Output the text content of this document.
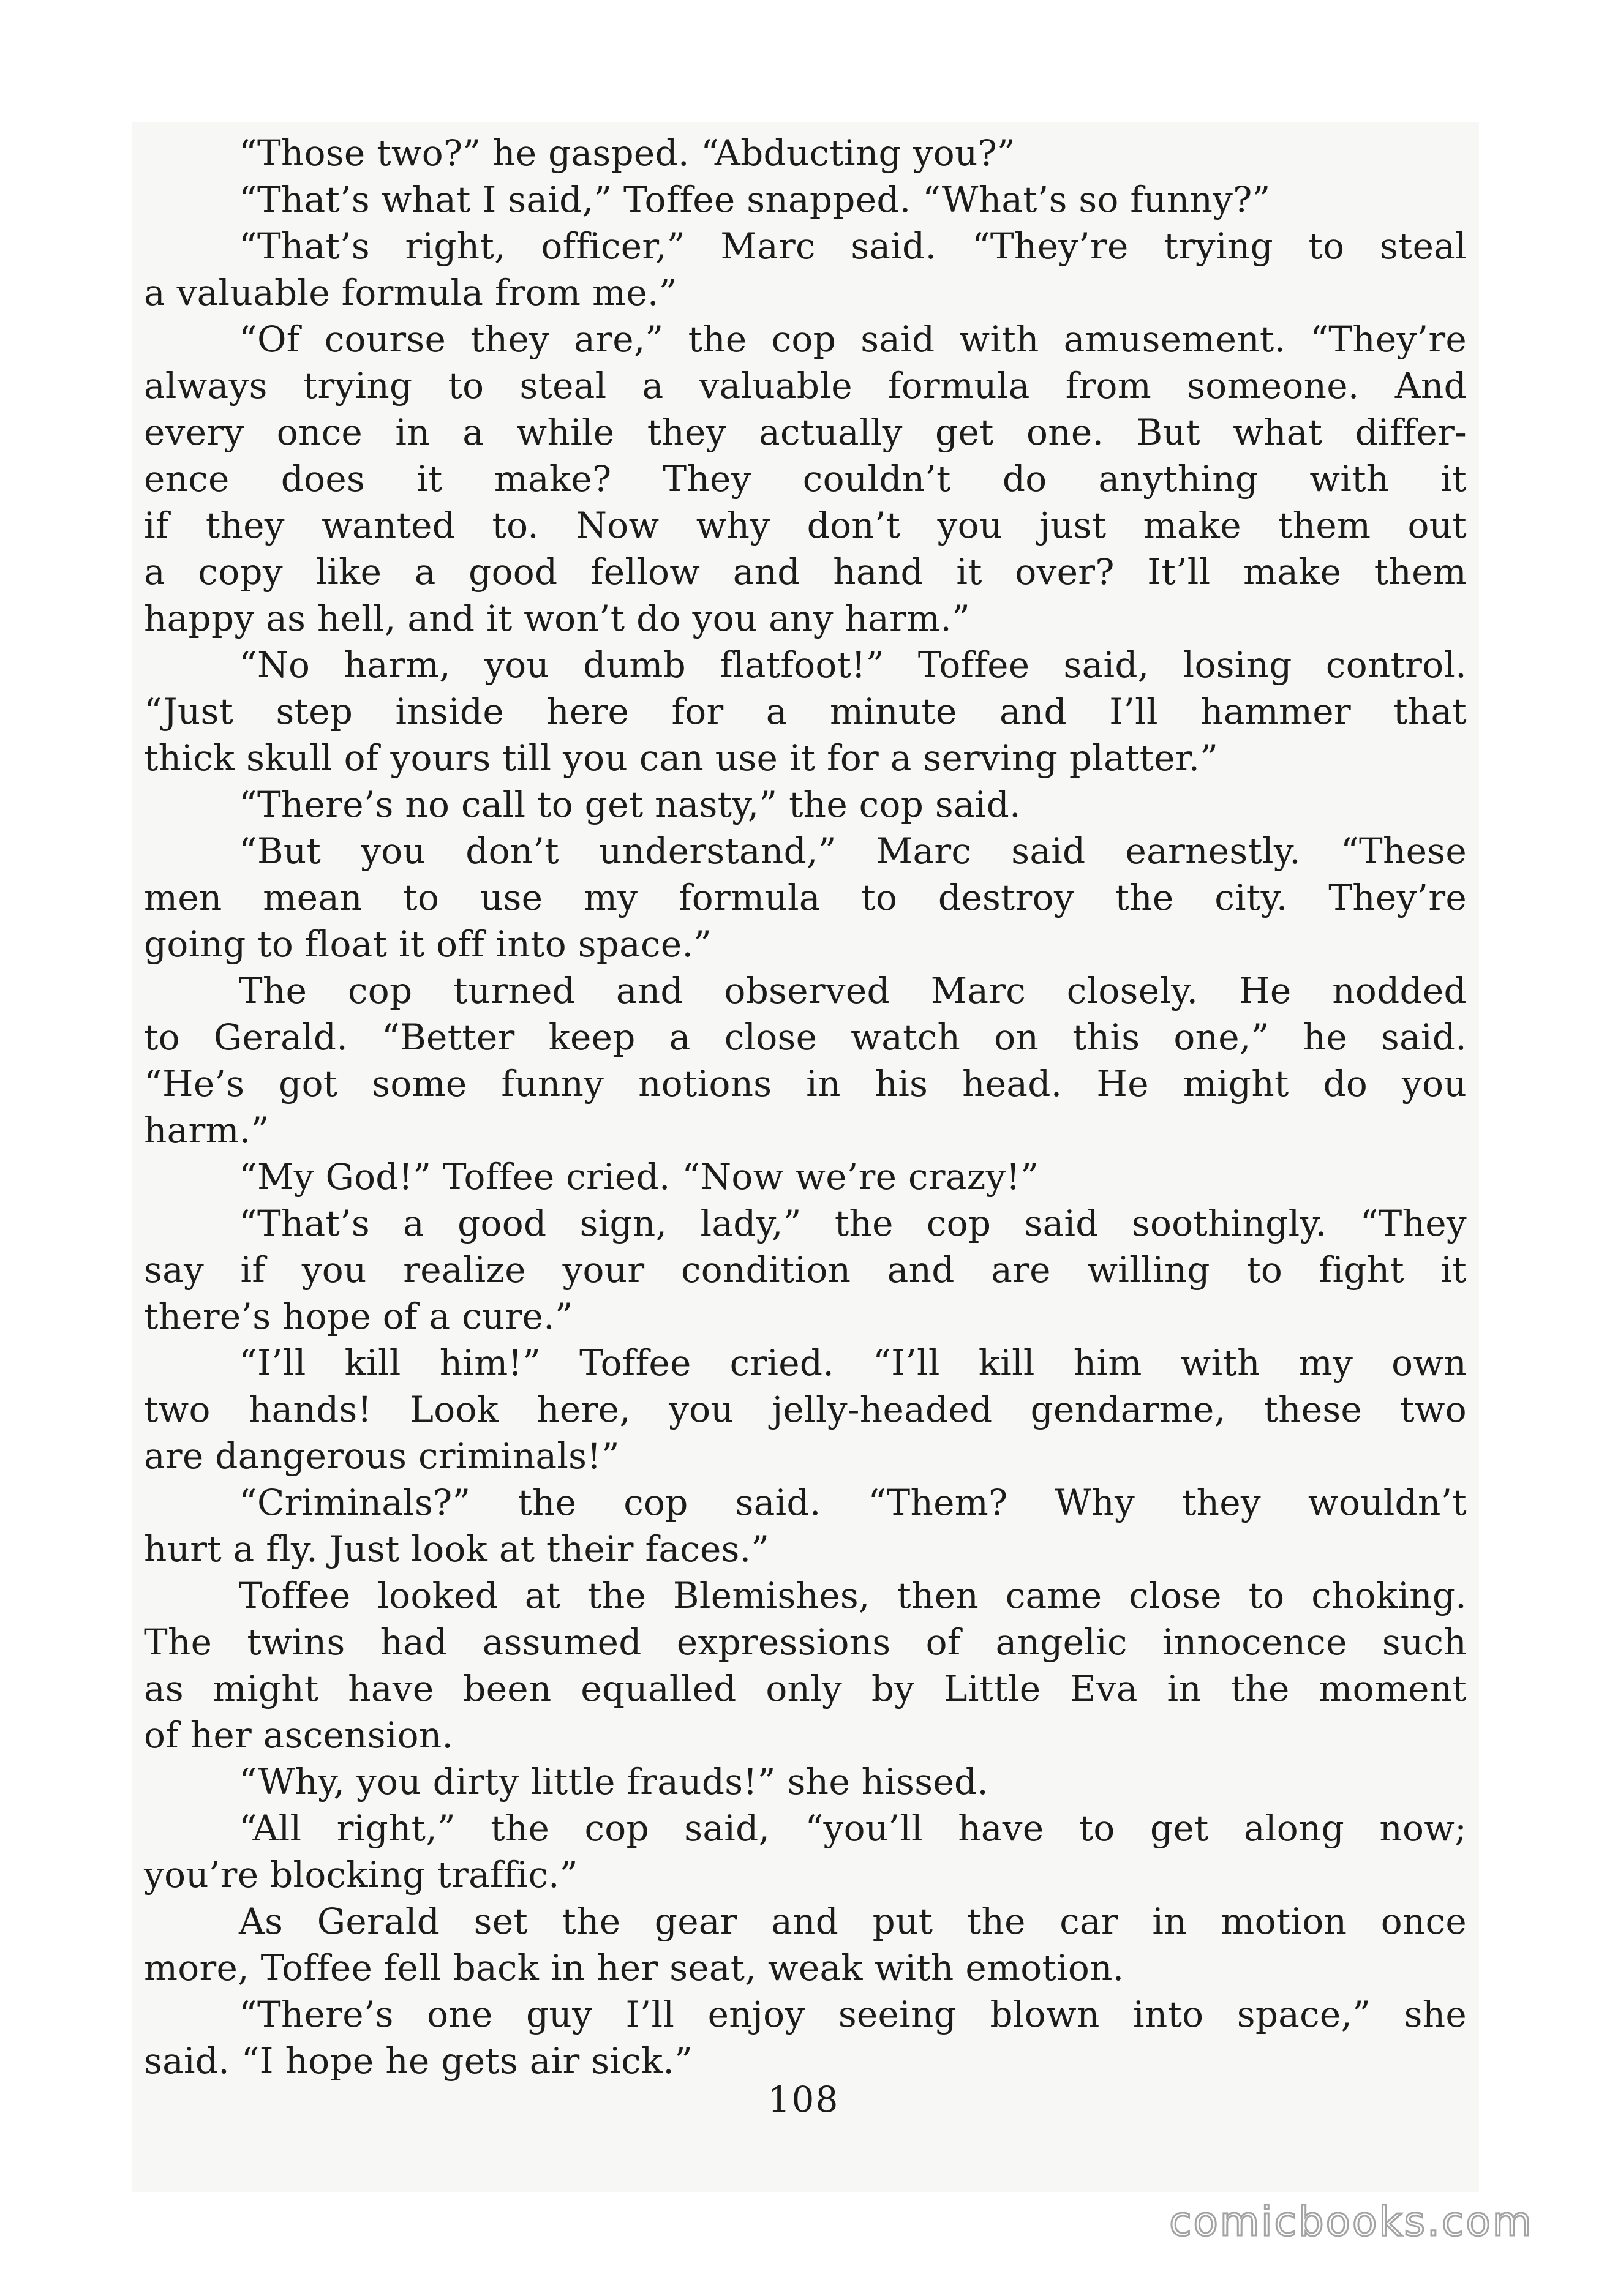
“Those two?” he gasped. “Abducting you?”
“That’s what I said,” Toffee snapped. “What’s so funny?”
“That’s right, officer,” Marc said. “They’re trying to steal
a valuable formula from me.”
“Of course they are,” the cop said with amusement. “They’re
always trying to steal a valuable formula from someone. And
every once in a while they actually get one. But what differ-
ence does it make? They couldn’t do anything with it
if they wanted to. Now why don’t you just make them out
a copy like a good fellow and hand it over? It’ll make them
happy as hell, and it won’t do you any harm.”
“No harm, you dumb flatfoot!” Toffee said, losing control.
“Just step inside here for a minute and I’ll hammer that
thick skull of yours till you can use it for a serving platter.”
“There’s no call to get nasty,” the cop said.
“But you don’t understand,” Marc said earnestly. “These
men mean to use my formula to destroy the city. They’re
going to float it off into space.”
The cop turned and observed Marc closely. He nodded
to Gerald. “Better keep a close watch on this one,” he said.
“He’s got some funny notions in his head. He might do you
harm.”
“My God!” Toffee cried. “Now we’re crazy!”
“That’s a good sign, lady,” the cop said soothingly. “They
say if you realize your condition and are willing to fight it
there’s hope of a cure.”
“I’ll kill him!” Toffee cried. “I’ll kill him with my own
two hands! Look here, you jelly-headed gendarme, these two
are dangerous criminals!”
“Criminals?” the cop said. “Them? Why they wouldn’t
hurt a fly. Just look at their faces.”
Toffee looked at the Blemishes, then came close to choking.
The twins had assumed expressions of angelic innocence such
as might have been equalled only by Little Eva in the moment
of her ascension.
“Why, you dirty little frauds!” she hissed.
“All right,” the cop said, “you’ll have to get along now;
you’re blocking traffic.”
As Gerald set the gear and put the car in motion once
more, Toffee fell back in her seat, weak with emotion.
“There’s one guy I’ll enjoy seeing blown into space,” she
said. “I hope he gets air sick.”
108
comicbooks.com
